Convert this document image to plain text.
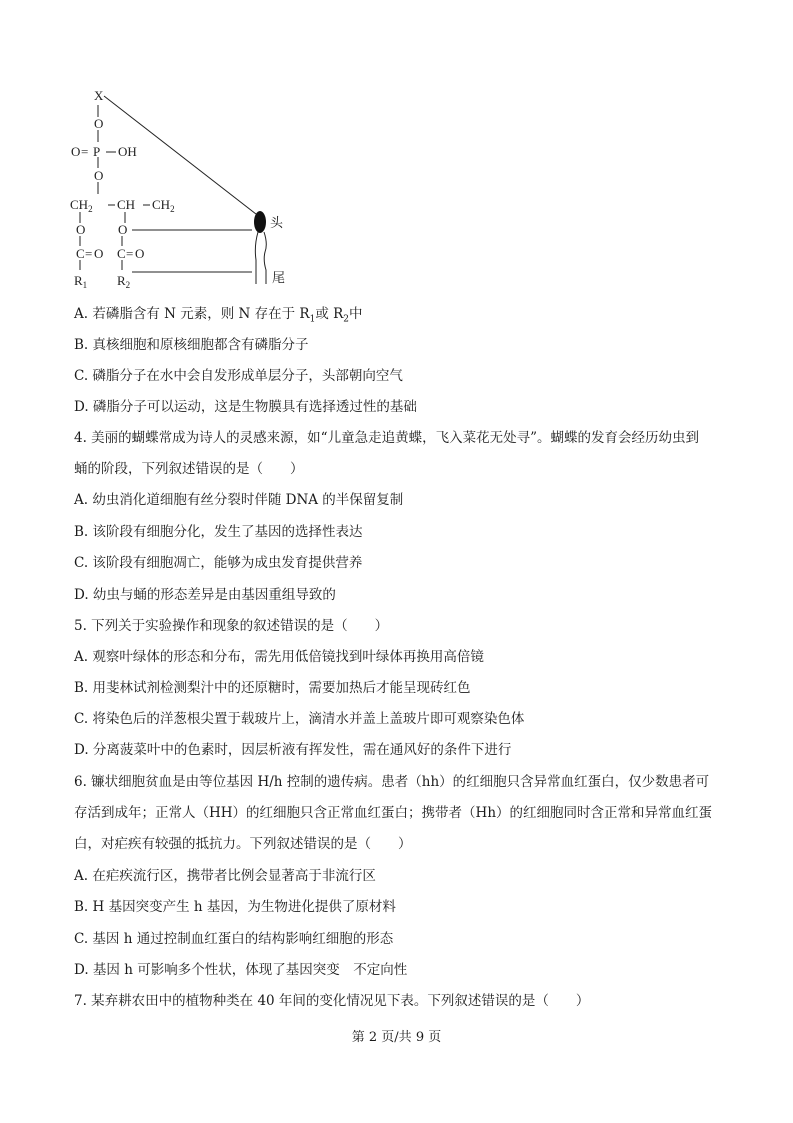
X
O
O = P OH
O
$CH_2$ CH $CH_2$
O	O
C = O C = O
$R_1$ $R_2$
头
尾
A. 若磷脂含有 N 元素，则 N 存在于 $R_1$或 $R_2$中
B. 真核细胞和原核细胞都含有磷脂分子
C. 磷脂分子在水中会自发形成单层分子，头部朝向空气
D. 磷脂分子可以运动，这是生物膜具有选择透过性的基础
4. 美丽的蝴蝶常成为诗人的灵感来源，如“儿童急走追黄蝶，飞入菜花无处寻”。蝴蝶的发育会经历幼虫到
蛹的阶段，下列叙述错误的是（　　）
A. 幼虫消化道细胞有丝分裂时伴随 DNA 的半保留复制
B. 该阶段有细胞分化，发生了基因的选择性表达
C. 该阶段有细胞凋亡，能够为成虫发育提供营养
D. 幼虫与蛹的形态差异是由基因重组导致的
5. 下列关于实验操作和现象的叙述错误的是（　　）
A. 观察叶绿体的形态和分布，需先用低倍镜找到叶绿体再换用高倍镜
B. 用斐林试剂检测梨汁中的还原糖时，需要加热后才能呈现砖红色
C. 将染色后的洋葱根尖置于载玻片上，滴清水并盖上盖玻片即可观察染色体
D. 分离菠菜叶中的色素时，因层析液有挥发性，需在通风好的条件下进行
6. 镰状细胞贫血是由等位基因 H/h 控制的遗传病。患者（hh）的红细胞只含异常血红蛋白，仅少数患者可
存活到成年；正常人（HH）的红细胞只含正常血红蛋白；携带者（Hh）的红细胞同时含正常和异常血红蛋
白，对疟疾有较强的抵抗力。下列叙述错误的是（　　）
A. 在疟疾流行区，携带者比例会显著高于非流行区
B. H 基因突变产生 h 基因，为生物进化提供了原材料
C. 基因 h 通过控制血红蛋白的结构影响红细胞的形态
D. 基因 h 可影响多个性状，体现了基因突变　不定向性
7. 某弃耕农田中的植物种类在 40 年间的变化情况见下表。下列叙述错误的是（　　）
第 2 页/共 9 页
